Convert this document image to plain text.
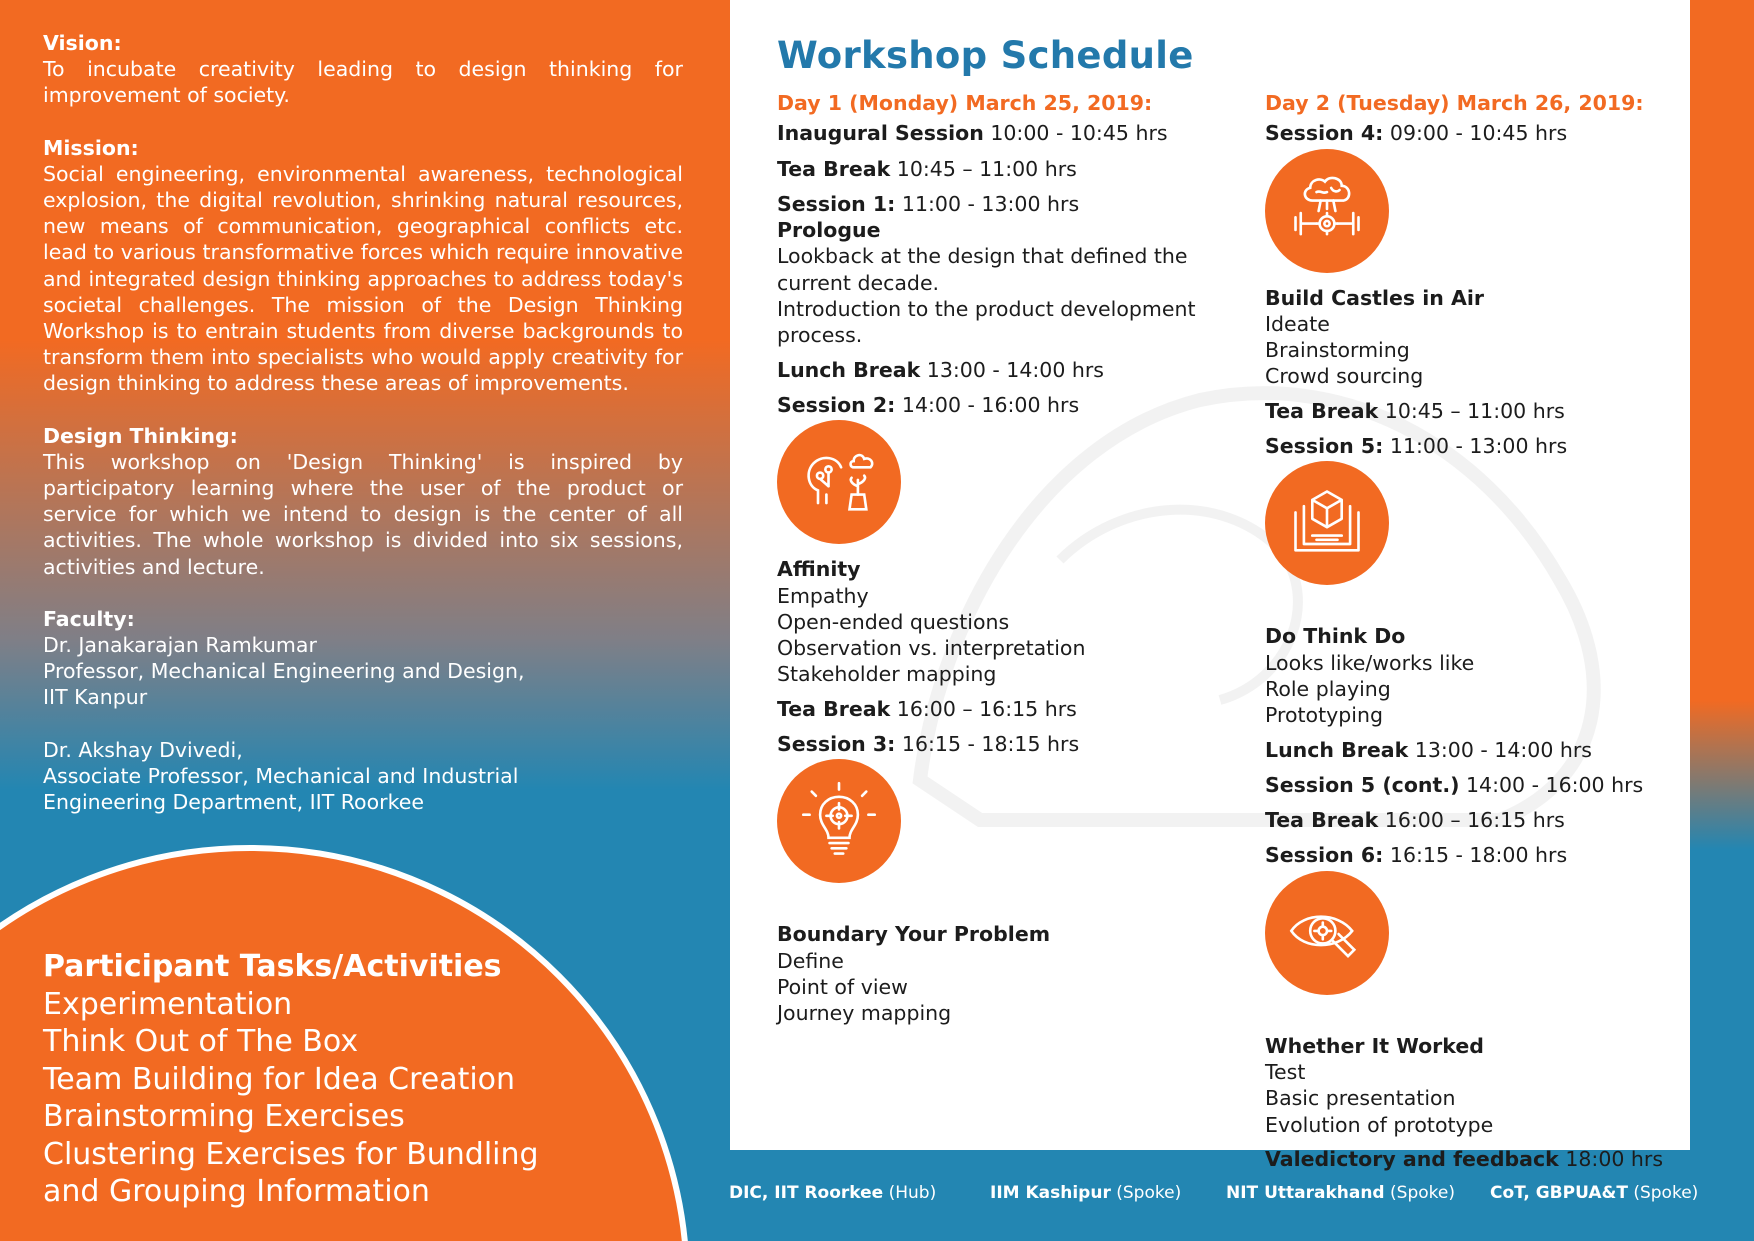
Vision:

To incubate creativity leading to design thinking for improvement of society.

Mission:

Social engineering, environmental awareness, technological explosion, the digital revolution, shrinking natural resources, new means of communication, geographical conflicts etc. lead to various transformative forces which require innovative and integrated design thinking approaches to address today's societal challenges. The mission of the Design Thinking Workshop is to entrain students from diverse backgrounds to transform them into specialists who would apply creativity for design thinking to address these areas of improvements.

Design Thinking:

This workshop on 'Design Thinking' is inspired by participatory learning where the user of the product or service for which we intend to design is the center of all activities. The whole workshop is divided into six sessions, activities and lecture.

Faculty:
Dr. Janakarajan Ramkumar
Professor, Mechanical Engineering and Design,
IIT Kanpur
Dr. Akshay Dvivedi,
Associate Professor, Mechanical and Industrial
Engineering Department, IIT Roorkee
Participant Tasks/Activities
Experimentation
Think Out of The Box
Team Building for Idea Creation
Brainstorming Exercises
Clustering Exercises for Bundling
and Grouping Information
Workshop Schedule
Day 1 (Monday) March 25, 2019:
Inaugural Session 10:00 - 10:45 hrs
Tea Break 10:45 – 11:00 hrs
Session 1: 11:00 - 13:00 hrs
Prologue
Lookback at the design that defined the
current decade.
Introduction to the product development
process.
Lunch Break 13:00 - 14:00 hrs
Session 2: 14:00 - 16:00 hrs
Affinity
Empathy
Open-ended questions
Observation vs. interpretation
Stakeholder mapping
Tea Break 16:00 – 16:15 hrs
Session 3: 16:15 - 18:15 hrs
Boundary Your Problem
Define
Point of view
Journey mapping
Day 2 (Tuesday) March 26, 2019:
Session 4: 09:00 - 10:45 hrs
Build Castles in Air
Ideate
Brainstorming
Crowd sourcing
Tea Break 10:45 – 11:00 hrs
Session 5: 11:00 - 13:00 hrs
Do Think Do
Looks like/works like
Role playing
Prototyping
Lunch Break 13:00 - 14:00 hrs
Session 5 (cont.) 14:00 - 16:00 hrs
Tea Break 16:00 – 16:15 hrs
Session 6: 16:15 - 18:00 hrs
Whether It Worked
Test
Basic presentation
Evolution of prototype
Valedictory and feedback 18:00 hrs
DIC, IIT Roorkee (Hub)	IIM Kashipur (Spoke)	NIT Uttarakhand (Spoke) CoT, GBPUA&T (Spoke)
